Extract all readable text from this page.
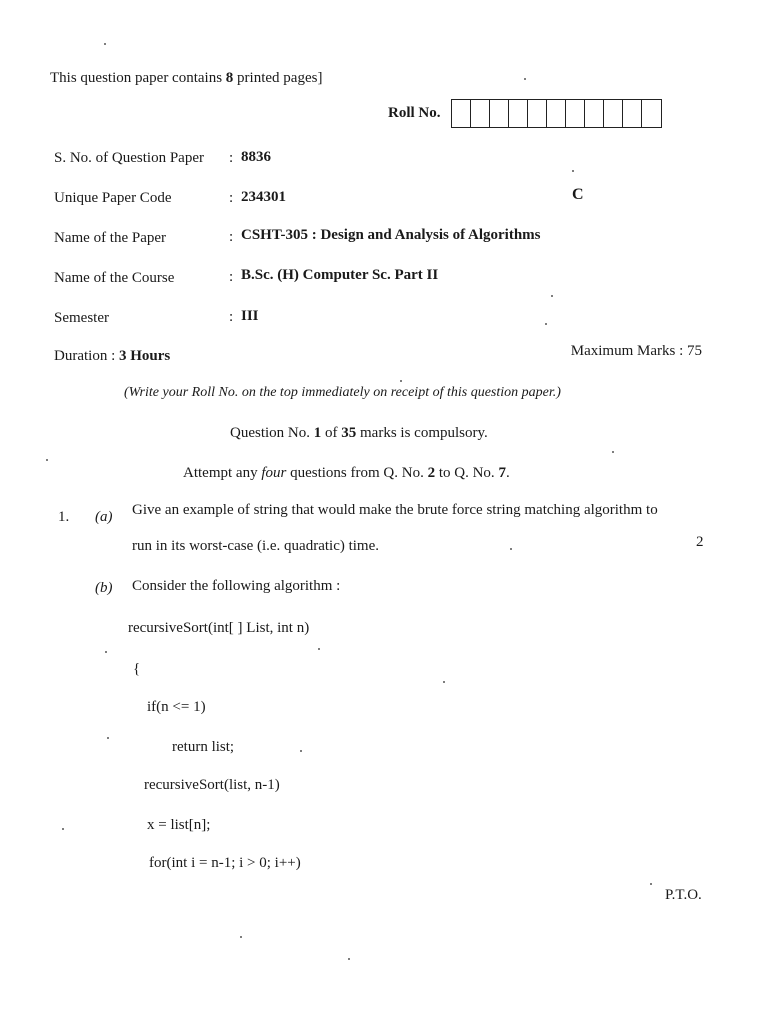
This question paper contains 8 printed pages]
Roll No.
S. No. of Question Paper : 8836
Unique Paper Code	: 234301
Name of the Paper	: CSHT-305 : Design and Analysis of Algorithms
Name of the Course	: B.Sc. (H) Computer Sc. Part II
Semester	: III
C
Duration : 3 Hours	Maximum Marks : 75
(Write your Roll No. on the top immediately on receipt of this question paper.)
Question No. 1 of 35 marks is compulsory.
Attempt any four questions from Q. No. 2 to Q. No. 7.
1. (a) Give an example of string that would make the brute force string matching algorithm to
run in its worst-case (i.e. quadratic) time.	2
(b) Consider the following algorithm :
recursiveSort(int[ ] List, int n)
{
if(n <= 1)
return list;
recursiveSort(list, n-1)
x = list[n];
for(int i = n-1; i > 0; i++)
P.T.O.
